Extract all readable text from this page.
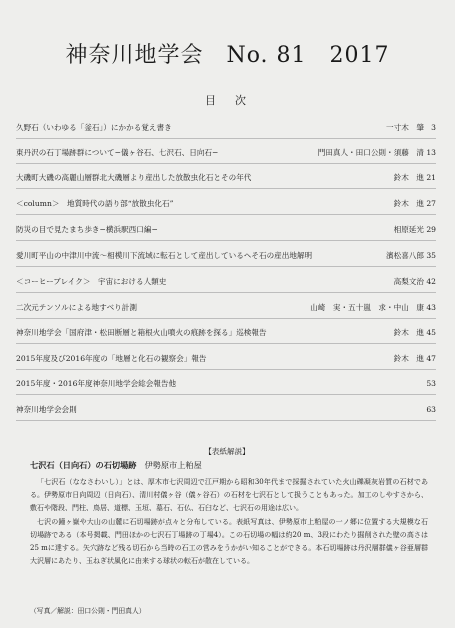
神奈川地学会　No. 81　2017
目　次
久野石（いわゆる「釜石」）にかかる覚え書き	一寸木　肇 3
東丹沢の石丁場跡群について−儀ヶ谷石、七沢石、日向石−	門田真人・田口公則・須藤　清 13
大磯町大磯の高麗山層群北大磯層より産出した放散虫化石とその年代	鈴木　進 21
＜column＞　地質時代の語り部“放散虫化石”	鈴木　進 27
防災の目で見たまち歩き−横浜駅西口編−	相原延光 29
愛川町平山の中津川中流〜相模川下流域に転石として産出しているヘそ石の産出地解明	濱松喜八郎 35
＜コーヒーブレイク＞　宇宙における人類史	高梨文治 42
二次元テンソルによる地すべり計測	山崎　実・五十嵐　求・中山　康 43
神奈川地学会「国府津・松田断層と箱根火山噴火の痕跡を探る」巡検報告	鈴木　進 45
2015年度及び2016年度の「地層と化石の観察会」報告	鈴木　進 47
2015年度・2016年度神奈川地学会総会報告他	53
神奈川地学会会則	63
【表紙解説】
七沢石（日向石）の石切場跡 伊勢原市上粕屋

「七沢石（ななさわいし）」とは、厚木市七沢周辺で江戸期から昭和30年代まで採掘されていた火山礫凝灰岩質の石材である。伊勢原市日向周辺（日向石）、清川村儀ヶ谷（儀ヶ谷石）の石材を七沢石として扱うこともあった。加工のしやすさから、敷石や階段、門柱、鳥居、道標、玉垣、墓石、石仏、石臼など、七沢石の用途は広い。

七沢の鐘ヶ嶽や大山の山麓に石切場跡が点々と分布している。表紙写真は、伊勢原市上粕屋の一ノ郷に位置する大規模な石切場跡である（本号掲載、門田ほかの七沢石丁場跡の丁場4）。この石切場の幅は約20 m、3段にわたり掘削された壁の高さは25 mに達する。矢穴跡など残る切石から当時の石工の営みをうかがい知ることができる。本石切場跡は丹沢層群儀ヶ谷亜層群大沢層にあたり、玉ねぎ状風化に由来する球状の転石が散在している。

（写真／解説：田口公則・門田真人）
